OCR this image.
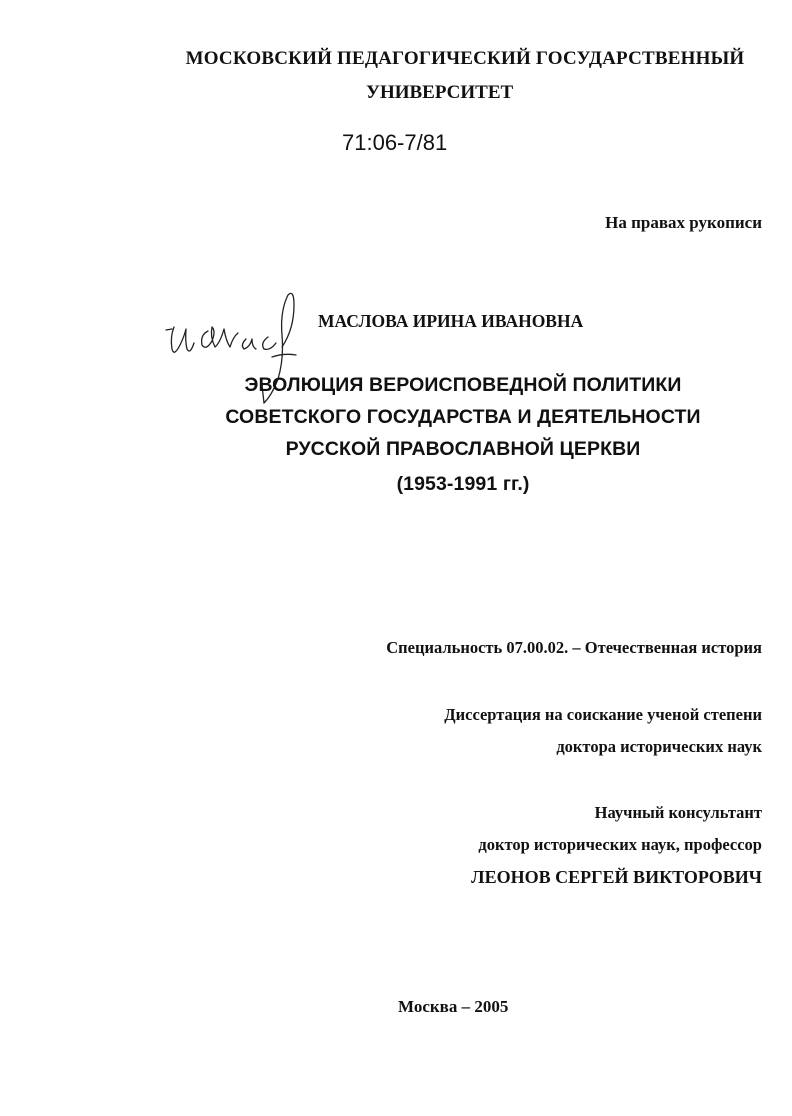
МОСКОВСКИЙ ПЕДАГОГИЧЕСКИЙ ГОСУДАРСТВЕННЫЙ
УНИВЕРСИТЕТ
71:06-7/81
На правах рукописи
МАСЛОВА ИРИНА ИВАНОВНА
ЭВОЛЮЦИЯ ВЕРОИСПОВЕДНОЙ ПОЛИТИКИ
СОВЕТСКОГО ГОСУДАРСТВА И ДЕЯТЕЛЬНОСТИ
РУССКОЙ ПРАВОСЛАВНОЙ ЦЕРКВИ
(1953-1991 гг.)
Специальность 07.00.02. – Отечественная история
Диссертация на соискание ученой степени
доктора исторических наук
Научный консультант
доктор исторических наук, профессор
ЛЕОНОВ СЕРГЕЙ ВИКТОРОВИЧ
Москва – 2005
